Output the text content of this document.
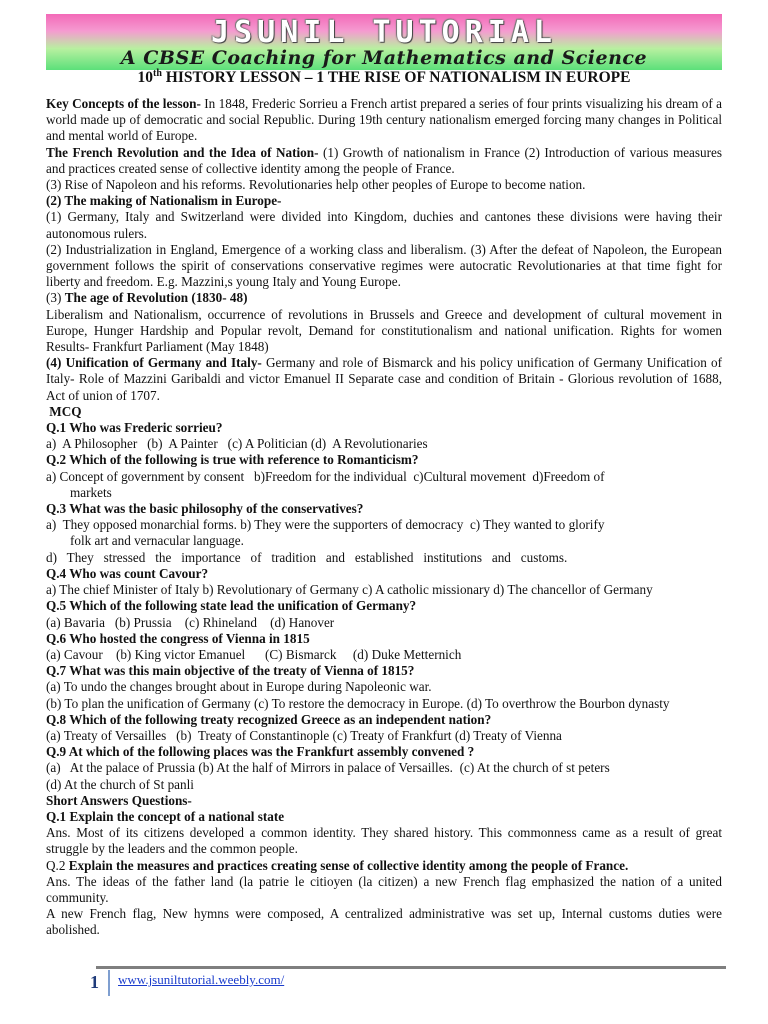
JSUNIL TUTORIAL
A CBSE Coaching for Mathematics and Science
10th HISTORY LESSON – 1 THE RISE OF NATIONALISM IN EUROPE

Key Concepts of the lesson- In 1848, Frederic Sorrieu a French artist prepared a series of four prints visualizing his dream of a world made up of democratic and social Republic. During 19th century nationalism emerged forcing many changes in Political and mental world of Europe.

The French Revolution and the Idea of Nation- (1) Growth of nationalism in France (2) Introduction of various measures and practices created sense of collective identity among the people of France.

(3) Rise of Napoleon and his reforms. Revolutionaries help other peoples of Europe to become nation.

(2) The making of Nationalism in Europe-

(1) Germany, Italy and Switzerland were divided into Kingdom, duchies and cantones these divisions were having their autonomous rulers.

(2) Industrialization in England, Emergence of a working class and liberalism. (3) After the defeat of Napoleon, the European government follows the spirit of conservations conservative regimes were autocratic Revolutionaries at that time fight for liberty and freedom. E.g. Mazzini,s young Italy and Young Europe.

(3) The age of Revolution (1830- 48)

Liberalism and Nationalism, occurrence of revolutions in Brussels and Greece and development of cultural movement in Europe, Hunger Hardship and Popular revolt, Demand for constitutionalism and national unification. Rights for women Results- Frankfurt Parliament (May 1848)

(4) Unification of Germany and Italy- Germany and role of Bismarck and his policy unification of Germany Unification of Italy- Role of Mazzini Garibaldi and victor Emanuel II Separate case and condition of Britain - Glorious revolution of 1688, Act of union of 1707.

MCQ

Q.1 Who was Frederic sorrieu?

a)  A Philosopher   (b)  A Painter   (c) A Politician (d)  A Revolutionaries

Q.2 Which of the following is true with reference to Romanticism?

a) Concept of government by consent   b)Freedom for the individual  c)Cultural movement  d)Freedom of

markets

Q.3 What was the basic philosophy of the conservatives?

a)  They opposed monarchial forms. b) They were the supporters of democracy  c) They wanted to glorify

folk art and vernacular language.

d)   They   stressed   the   importance   of   tradition   and   established   institutions   and   customs.

Q.4 Who was count Cavour?

a) The chief Minister of Italy b) Revolutionary of Germany c) A catholic missionary d) The chancellor of Germany

Q.5 Which of the following state lead the unification of Germany?

(a) Bavaria   (b) Prussia    (c) Rhineland    (d) Hanover

Q.6 Who hosted the congress of Vienna in 1815

(a) Cavour    (b) King victor Emanuel      (C) Bismarck     (d) Duke Metternich

Q.7 What was this main objective of the treaty of Vienna of 1815?

(a) To undo the changes brought about in Europe during Napoleonic war.

(b) To plan the unification of Germany (c) To restore the democracy in Europe. (d) To overthrow the Bourbon dynasty

Q.8 Which of the following treaty recognized Greece as an independent nation?

(a) Treaty of Versailles   (b)  Treaty of Constantinople (c) Treaty of Frankfurt (d) Treaty of Vienna

Q.9 At which of the following places was the Frankfurt assembly convened ?

(a)   At the palace of Prussia (b) At the half of Mirrors in palace of Versailles.  (c) At the church of st peters

(d) At the church of St panli

Short Answers Questions-

Q.1 Explain the concept of a national state

Ans. Most of its citizens developed a common identity. They shared history. This commonness came as a result of great struggle by the leaders and the common people.

Q.2 Explain the measures and practices creating sense of collective identity among the people of France.

Ans. The ideas of the father land (la patrie le citioyen (la citizen) a new French flag emphasized the nation of a united community.

A new French flag, New hymns were composed, A centralized administrative was set up, Internal customs duties were abolished.

1 www.jsuniltutorial.weebly.com/
